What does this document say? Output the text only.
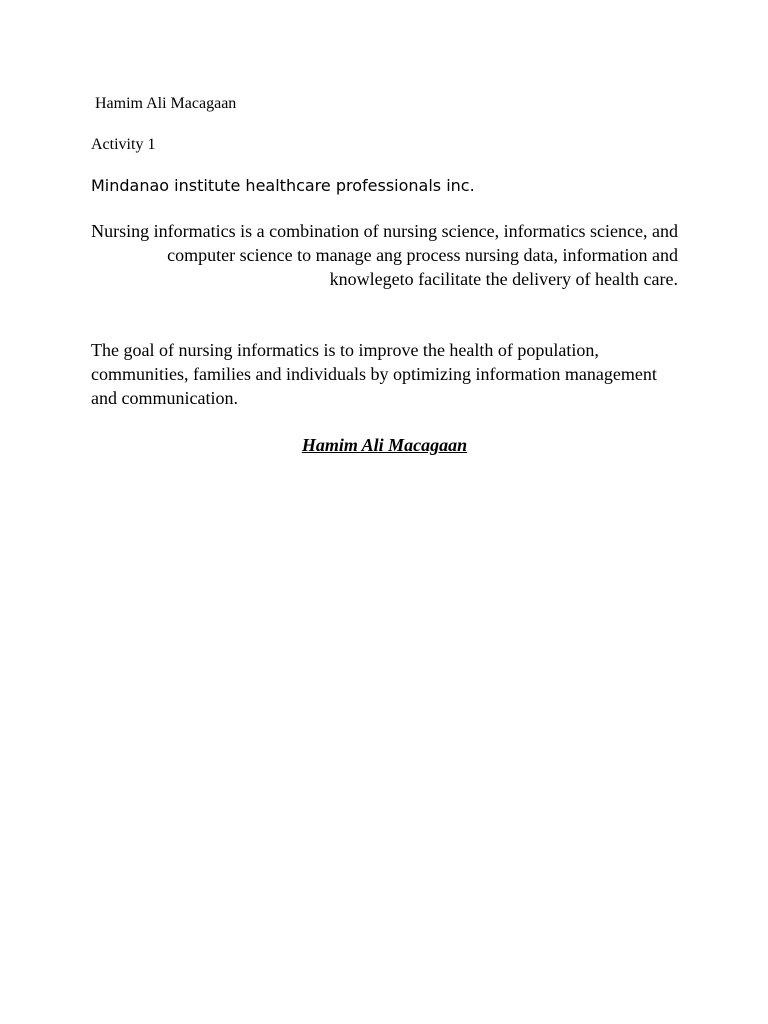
Hamim Ali Macagaan
Activity 1
Mindanao institute healthcare professionals inc.

Nursing informatics is a combination of nursing science, informatics science, and computer science to manage ang process nursing data, information and knowlegeto facilitate the delivery of health care.

The goal of nursing informatics is to improve the health of population, communities, families and individuals by optimizing information management and communication.

Hamim Ali Macagaan
